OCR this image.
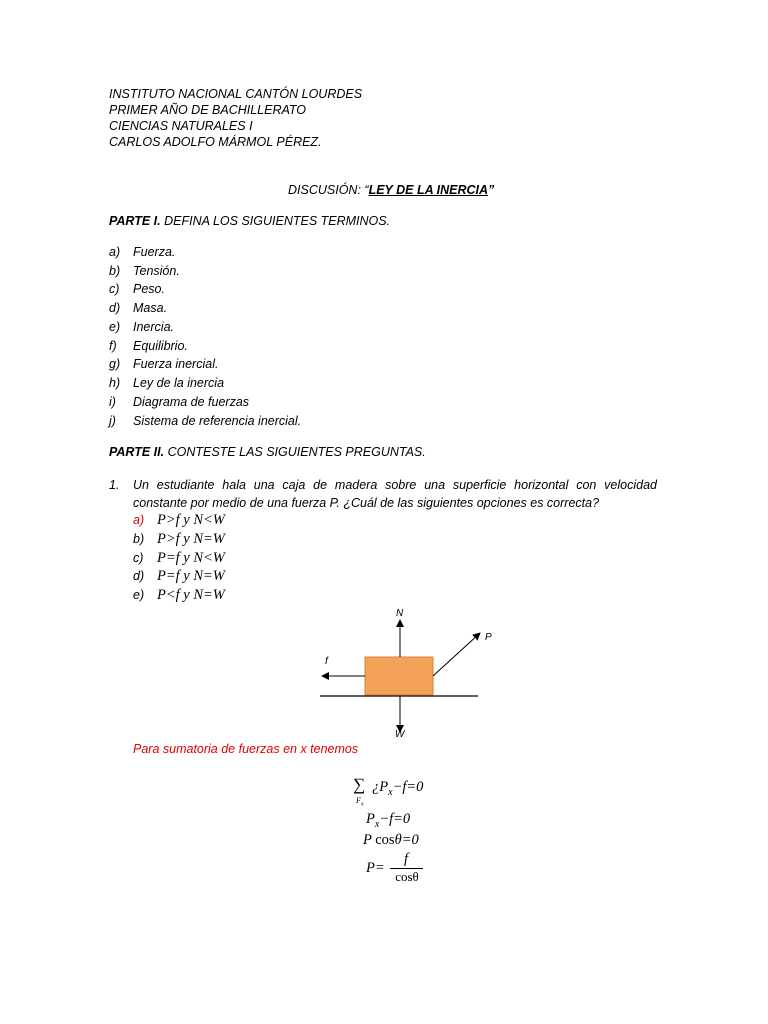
INSTITUTO NACIONAL CANTÓN LOURDES
PRIMER AÑO DE BACHILLERATO
CIENCIAS NATURALES I
CARLOS ADOLFO MÁRMOL PÉREZ.
DISCUSIÓN: “LEY DE LA INERCIA”
PARTE I. DEFINA LOS SIGUIENTES TERMINOS.
a) Fuerza.
b) Tensión.
c) Peso.
d) Masa.
e) Inercia.
f) Equilibrio.
g) Fuerza inercial.
h) Ley de la inercia
i) Diagrama de fuerzas
j) Sistema de referencia inercial.
PARTE II. CONTESTE LAS SIGUIENTES PREGUNTAS.
1. Un estudiante hala una caja de madera sobre una superficie horizontal con velocidad constante por medio de una fuerza P. ¿Cuál de las siguientes opciones es correcta?
a) P>f y N<W
b) P>f y N=W
c) P=f y N<W
d) P=f y N=W
e) P<f y N=W
N
P
f
W
Para sumatoria de fuerzas en x tenemos
∑
$F_x$
¿$P_x-f=0$
$P_x-f=0$
P cosθ=0
P=
f
cosθ
